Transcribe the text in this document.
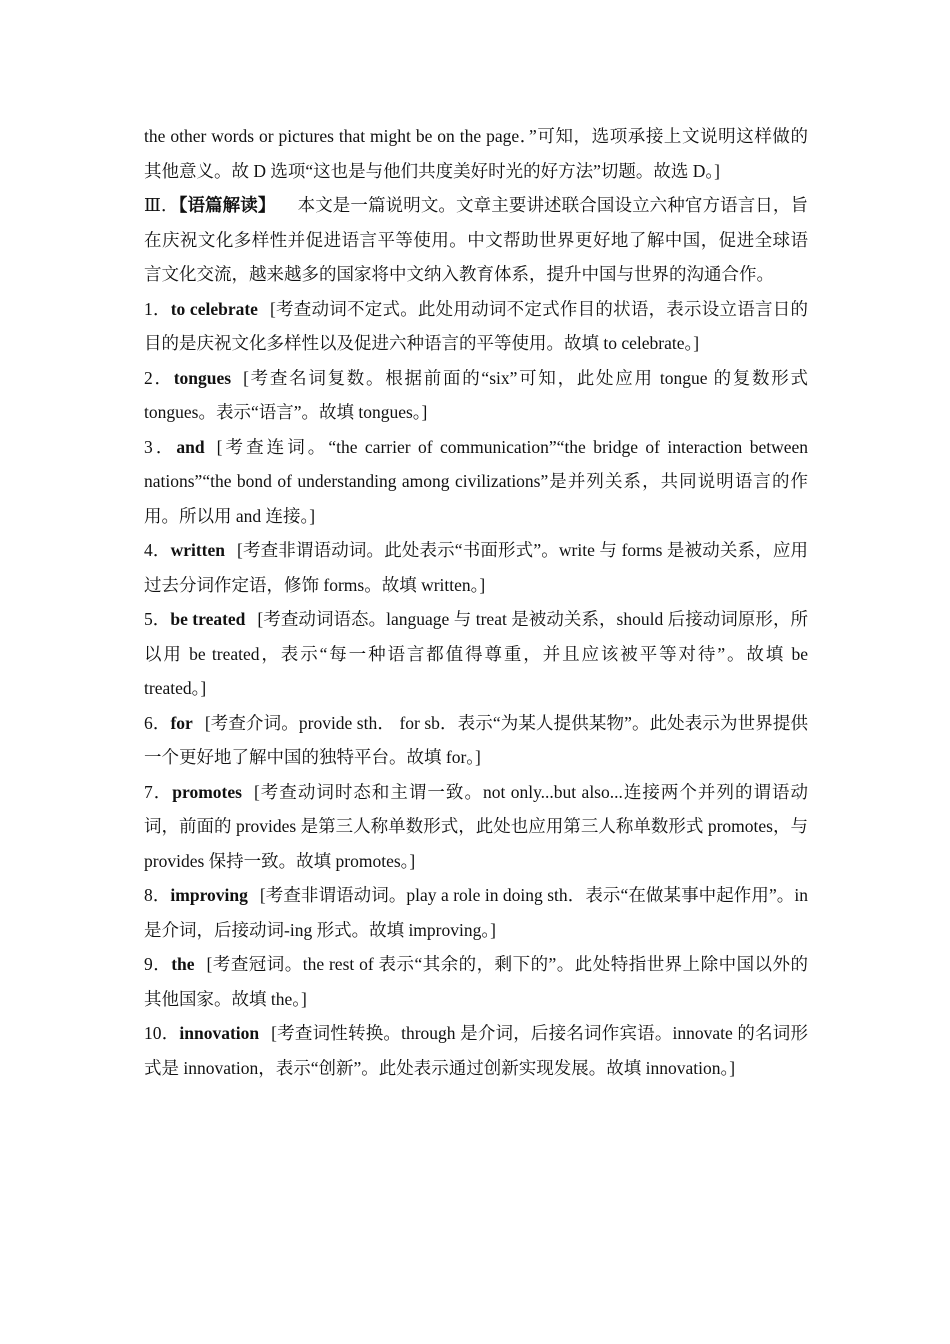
the other words or pictures that might be on the page．”可知，选项承接上文说明这样做的其他意义。故 D 选项“这也是与他们共度美好时光的好方法”切题。故选 D。]

Ⅲ．【语篇解读】 本文是一篇说明文。文章主要讲述联合国设立六种官方语言日，旨在庆祝文化多样性并促进语言平等使用。中文帮助世界更好地了解中国，促进全球语言文化交流，越来越多的国家将中文纳入教育体系，提升中国与世界的沟通合作。

1．to celebrate [考查动词不定式。此处用动词不定式作目的状语，表示设立语言日的目的是庆祝文化多样性以及促进六种语言的平等使用。故填 to celebrate。]

2．tongues [考查名词复数。根据前面的“six”可知，此处应用 tongue 的复数形式 tongues。表示“语言”。故填 tongues。]

3．and [考查连词。“the carrier of communication”“the bridge of interaction between nations”“the bond of understanding among civilizations”是并列关系，共同说明语言的作用。所以用 and 连接。]

4．written [考查非谓语动词。此处表示“书面形式”。write 与 forms 是被动关系，应用过去分词作定语，修饰 forms。故填 written。]

5．be treated [考查动词语态。language 与 treat 是被动关系，should 后接动词原形，所以用 be treated，表示“每一种语言都值得尊重，并且应该被平等对待”。故填 be treated。]

6．for [考查介词。provide sth． for sb．表示“为某人提供某物”。此处表示为世界提供一个更好地了解中国的独特平台。故填 for。]

7．promotes [考查动词时态和主谓一致。not only...but also...连接两个并列的谓语动词，前面的 provides 是第三人称单数形式，此处也应用第三人称单数形式 promotes，与 provides 保持一致。故填 promotes。]

8．improving [考查非谓语动词。play a role in doing sth．表示“在做某事中起作用”。in 是介词，后接动词-ing 形式。故填 improving。]

9．the [考查冠词。the rest of 表示“其余的，剩下的”。此处特指世界上除中国以外的其他国家。故填 the。]

10．innovation [考查词性转换。through 是介词，后接名词作宾语。innovate 的名词形式是 innovation，表示“创新”。此处表示通过创新实现发展。故填 innovation。]
